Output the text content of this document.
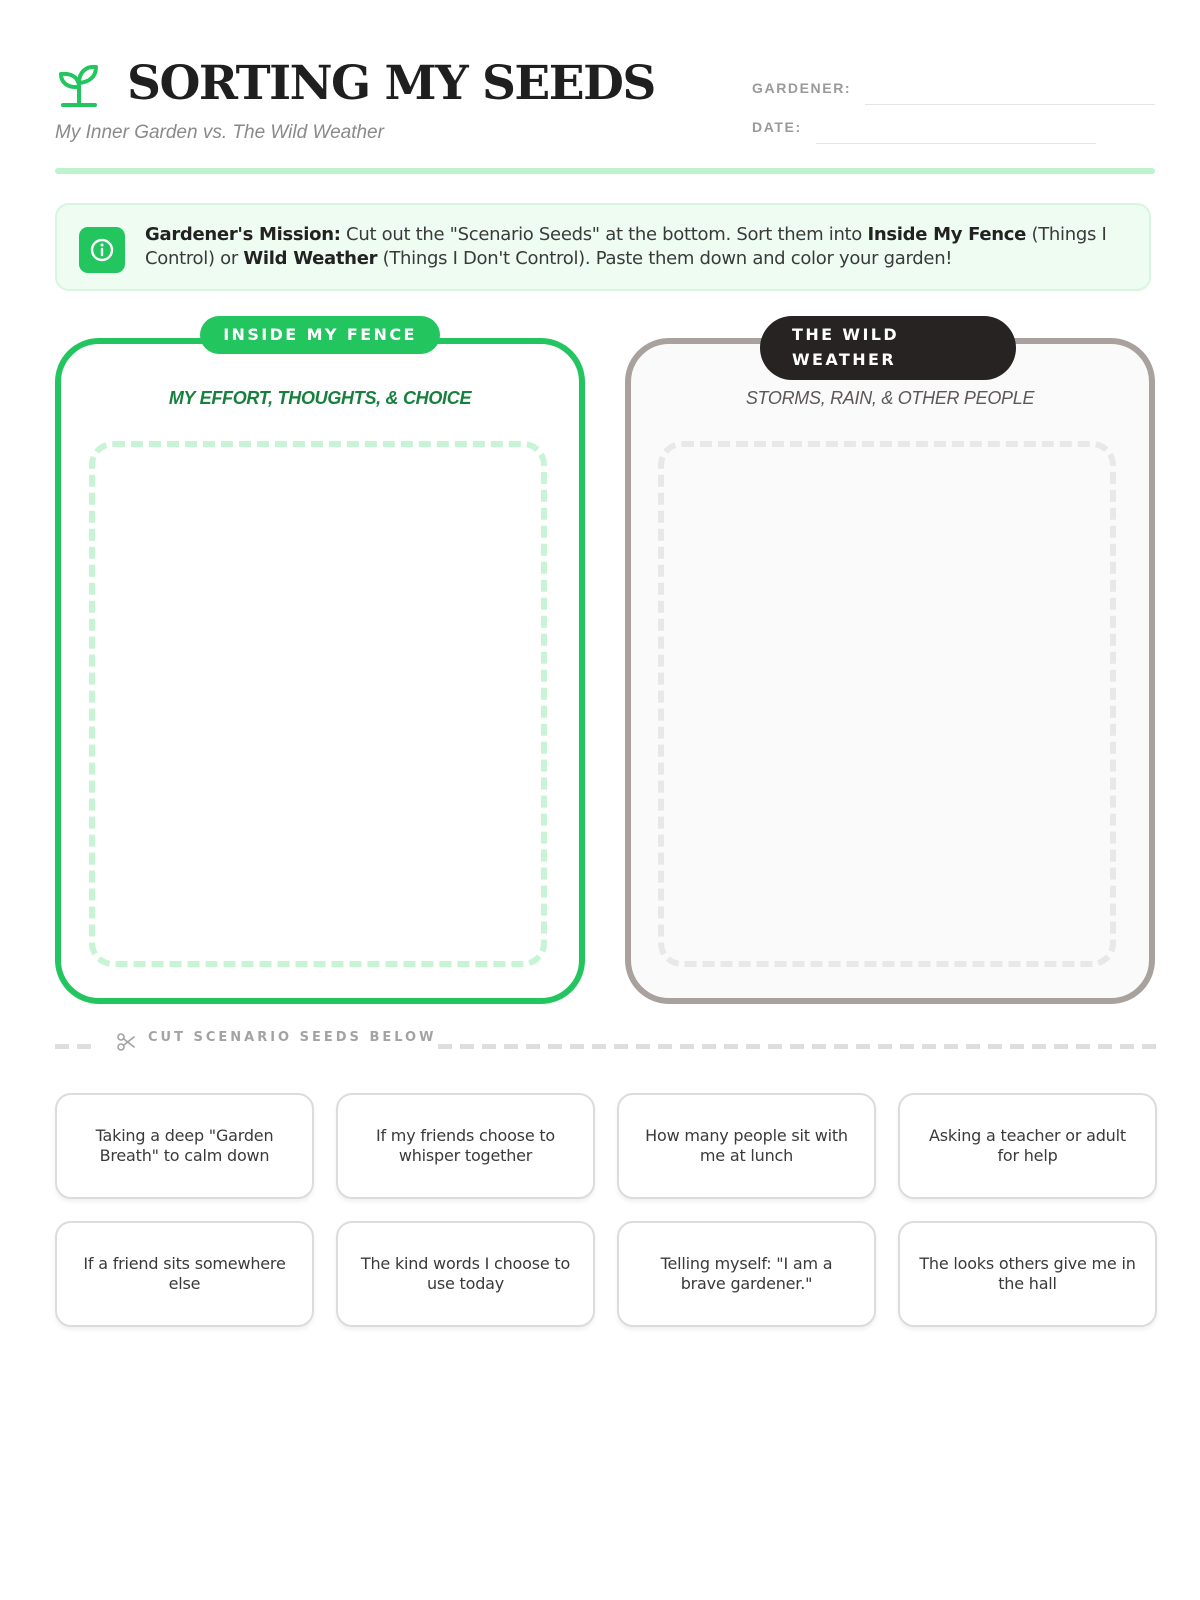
SORTING MY SEEDS

My Inner Garden vs. The Wild Weather

GARDENER:
DATE:

Gardener's Mission: Cut out the "Scenario Seeds" at the bottom. Sort them into Inside My Fence (Things I Control) or Wild Weather (Things I Don't Control). Paste them down and color your garden!

INSIDE MY FENCE

MY EFFORT, THOUGHTS, & CHOICE

THE WILD
WEATHER

STORMS, RAIN, & OTHER PEOPLE

CUT SCENARIO SEEDS BELOW

Taking a deep "Garden Breath" to calm down
If my friends choose to whisper together
How many people sit with me at lunch
Asking a teacher or adult for help
If a friend sits somewhere else
The kind words I choose to use today
Telling myself: "I am a brave gardener."
The looks others give me in the hall
